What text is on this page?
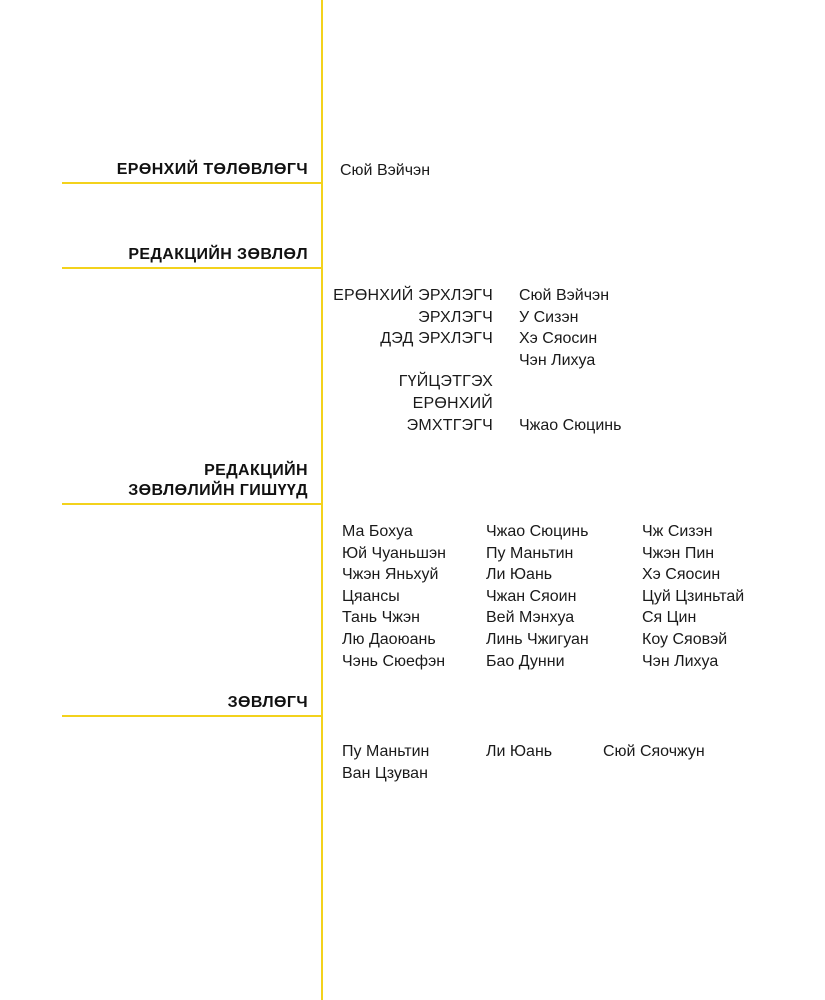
ЕРӨНХИЙ ТӨЛӨВЛӨГЧ Сюй Вэйчэн
РЕДАКЦИЙН ЗӨВЛӨЛ
ЕРӨНХИЙ ЭРХЛЭГЧ Сюй Вэйчэн
ЭРХЛЭГЧ У Сизэн
ДЭД ЭРХЛЭГЧ Хэ Сяосин
Чэн Лихуа
ГҮЙЦЭТГЭХ
ЕРӨНХИЙ
ЭМХТГЭГЧ Чжао Сюцинь
РЕДАКЦИЙН
ЗӨВЛӨЛИЙН ГИШҮҮД
Ма Бохуа
Юй Чуаньшэн
Чжэн Яньхуй
Цяансы
Тань Чжэн
Лю Даоюань
Чэнь Сюефэн
Чжао Сюцинь
Пу Маньтин
Ли Юань
Чжан Сяоин
Вей Мэнхуа
Линь Чжигуан
Бао Дунни
Чж Сизэн
Чжэн Пин
Хэ Сяосин
Цуй Цзиньтай
Ся Цин
Коу Сяовэй
Чэн Лихуа
ЗӨВЛӨГЧ
Пу Маньтин	Ли Юань	Сюй Сяочжун
Ван Цзуван
